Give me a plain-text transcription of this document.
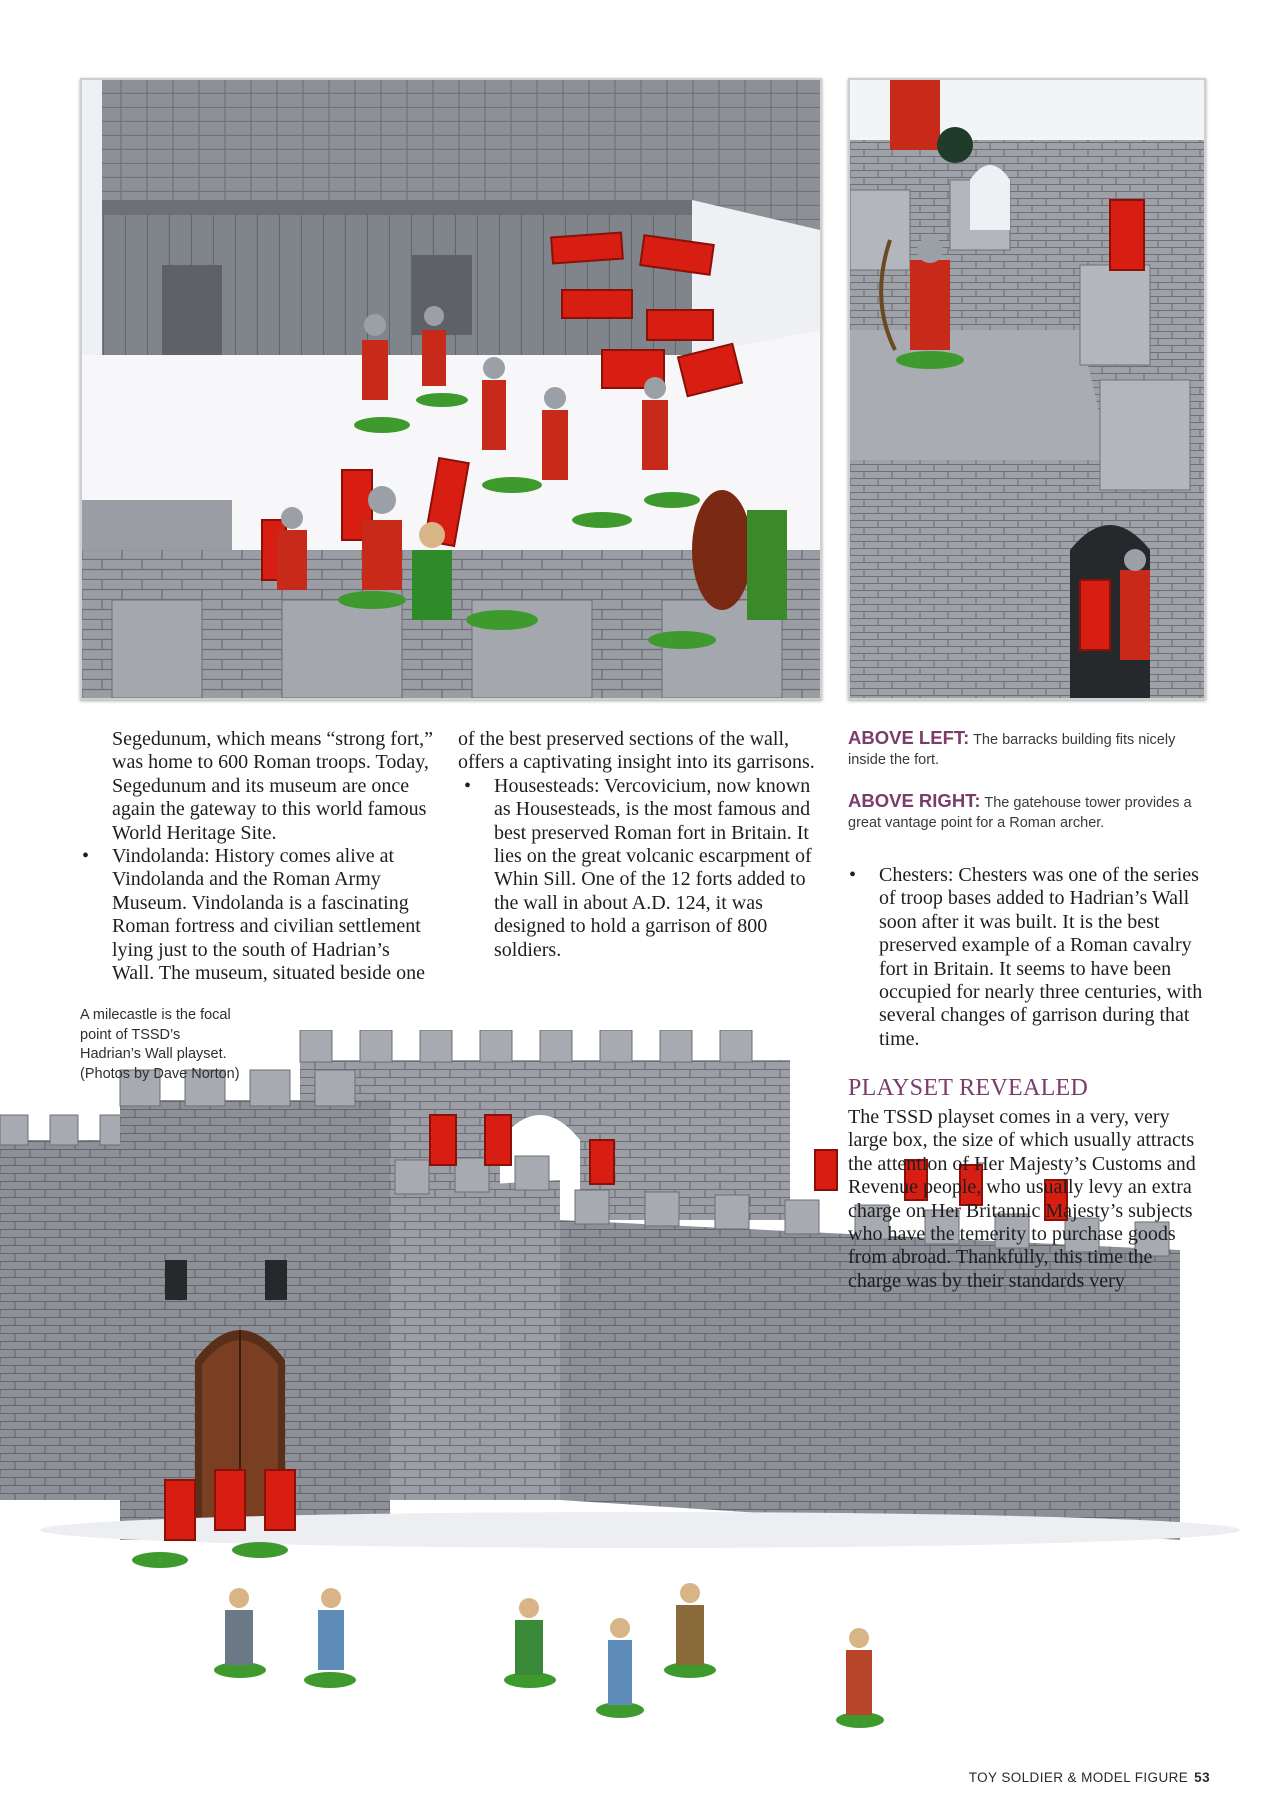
Segedunum, which means “strong fort,” was home to 600 Roman troops. Today, Segedunum and its museum are once again the gateway to this world famous World Heritage Site.

• Vindolanda: History comes alive at Vindolanda and the Roman Army Museum. Vindolanda is a fascinating Roman fortress and civilian settlement lying just to the south of Hadrian’s Wall. The museum, situated beside one

of the best preserved sections of the wall, offers a captivating insight into its garrisons.

• Housesteads: Vercovicium, now known as Housesteads, is the most famous and best preserved Roman fort in Britain. It lies on the great volcanic escarpment of Whin Sill. One of the 12 forts added to the wall in about A.D. 124, it was designed to hold a garrison of 800 soldiers.
ABOVE LEFT: The barracks building fits nicely inside the fort.
ABOVE RIGHT: The gatehouse tower provides a great vantage point for a Roman archer.
• Chesters: Chesters was one of the series of troop bases added to Hadrian’s Wall soon after it was built. It is the best preserved example of a Roman cavalry fort in Britain. It seems to have been occupied for nearly three centuries, with several changes of garrison during that time.
A milecastle is the focal point of TSSD’s Hadrian’s Wall playset. (Photos by Dave Norton)
PLAYSET REVEALED

The TSSD playset comes in a very, very large box, the size of which usually attracts the attention of Her Majesty’s Customs and Revenue people, who usually levy an extra charge on Her Britannic Majesty’s subjects who have the temerity to purchase goods from abroad. Thankfully, this time the charge was by their standards very

TOY SOLDIER & MODEL FIGURE 53
